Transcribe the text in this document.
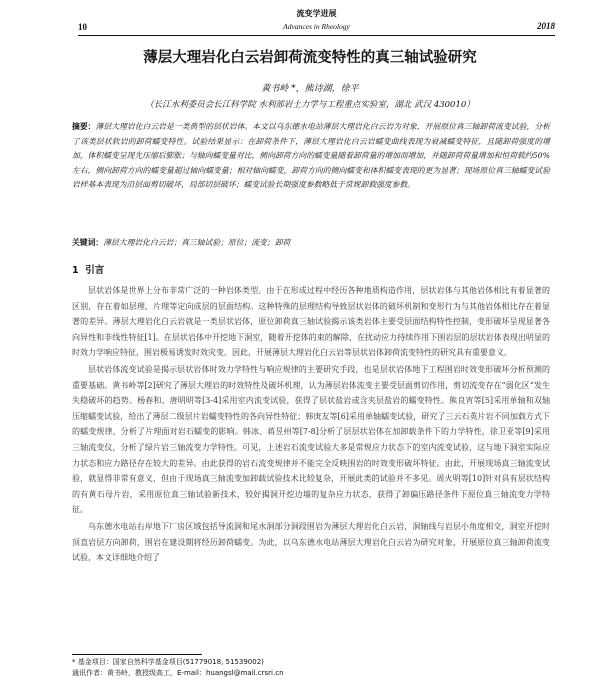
流变学进展
10	Advances in Rheology	2018
薄层大理岩化白云岩卸荷流变特性的真三轴试验研究
黄书岭 *，熊诗湖，徐平
（长江水利委员会长江科学院 水利部岩土力学与工程重点实验室，湖北 武汉 430010）
摘要：薄层大理岩化白云岩是一类典型的层状岩体。本文以乌东德水电站薄层大理岩化白云岩为对象，开展原位真三轴卸荷流变试验，分析了该类层状软岩的卸荷蠕变特性。试验结果显示：在卸荷条件下，薄层大理岩化白云岩蠕变曲线表现为衰减蠕变特征，且随卸荷强度的增加，体积蠕变呈现先压缩后膨胀；与轴向蠕变量对比，侧向卸荷方向的蠕变量随着卸荷量的增加而增加，并随卸荷荷量增加和恒荷载约50%左右，侧向卸荷方向的蠕变量超过轴向蠕变量；相对轴向蠕变，卸荷方向的侧向蠕变和体积蠕变表现的更为显著；现场原位真三轴蠕变试验岩样基本表现为沿层面剪切破坏，局部切层破坏；蠕变试验长期强度参数略低于常规卸载强度参数。
关键词：薄层大理岩化白云岩；真三轴试验；原位；流变；卸荷
1 引言

层状岩体是世界上分布非常广泛的一种岩体类型。由于在形成过程中经历各种地质构造作用，层状岩体与其他岩体相比有着显著的区别，存在着如层理、片理等定向成层的层面结构。这种特殊的层理结构导致层状岩体的破坏机制和变形行为与其他岩体相比存在着显著的差异。薄层大理岩化白云岩就是一类层状岩体，原位卸荷真三轴试验揭示该类岩体主要受层面结构特性控制，变形破坏呈现显著各向异性和非线性特征[1]。在层状岩体中开挖地下洞室，随着开挖体的束的解除，在扰动应力持续作用下围岩层的层状岩体表现出明显的时效力学响应特征，围岩极易诱发时效灾变。因此，开展薄层大理岩化白云岩等层状岩体卸荷流变特性的研究具有重要意义。

层状岩体流变试验是揭示层状岩体时效力学特性与响应规律的主要研究手段，也是层状岩体地下工程围岩时效变形破坏分析预测的重要基础。黄书岭等[2]研究了薄层大理岩的时效特性及破坏机理，认为薄层岩体流变主要受层面剪切作用，剪切流变存在“弱化区”发生失稳破坏的趋势。杨春和、唐明明等[3-4]采用室内流变试验，获得了层状盐岩或含夹层盐岩的蠕变特性。熊良宵等[5]采用单轴和双轴压缩蠕变试验，给出了薄层二级层片岩蠕变特性的各向异性特征；韩庚友等[6]采用单轴蠕变试验，研究了三云石英片岩不同加载方式下的蠕变规律，分析了片理面对岩石蠕变的影响。韩冰、蒋昱州等[7-8]分析了层层状岩体在加卸载条件下的力学特性，徐卫亚等[9]采用三轴流变仪，分析了绿片岩三轴流变力学特性。可见，上述岩石流变试验大多是常规应力状态下的室内流变试验，这与地下洞室实际应力状态和应力路径存在较大的差异。由此获得的岩石流变规律并不能完全反映围岩的时效变形破坏特征。由此，开展现场真三轴流变试验，就显得非常有意义，但由于现场真三轴流变加卸载试验技术比较复杂，开展此类的试验并不多见。周火明等[10]针对具有层状结构的有黄石母片岩，采用原位真三轴试验新技术，较好揭洞开挖边墙的复杂应力状态，获得了卸偏压路径条件下原位真三轴流变力学特征。

乌东德水电站右岸地下厂房区域包括导流洞和尾水洞部分洞段围岩为薄层大理岩化白云岩，洞轴线与岩层小角度相交，洞室开挖时顶直岩层方向卸荷，围岩在建设期将经历卸荷蠕变。为此，以乌东德水电站薄层大理岩化白云岩为研究对象，开展原位真三轴卸荷流变试验，本文详细地介绍了

* 基金项目：国家自然科学基金项目(51779018, 51539002)
通讯作者：黄书岭，教授级高工，E-mail：huangsl@mail.crsri.cn
